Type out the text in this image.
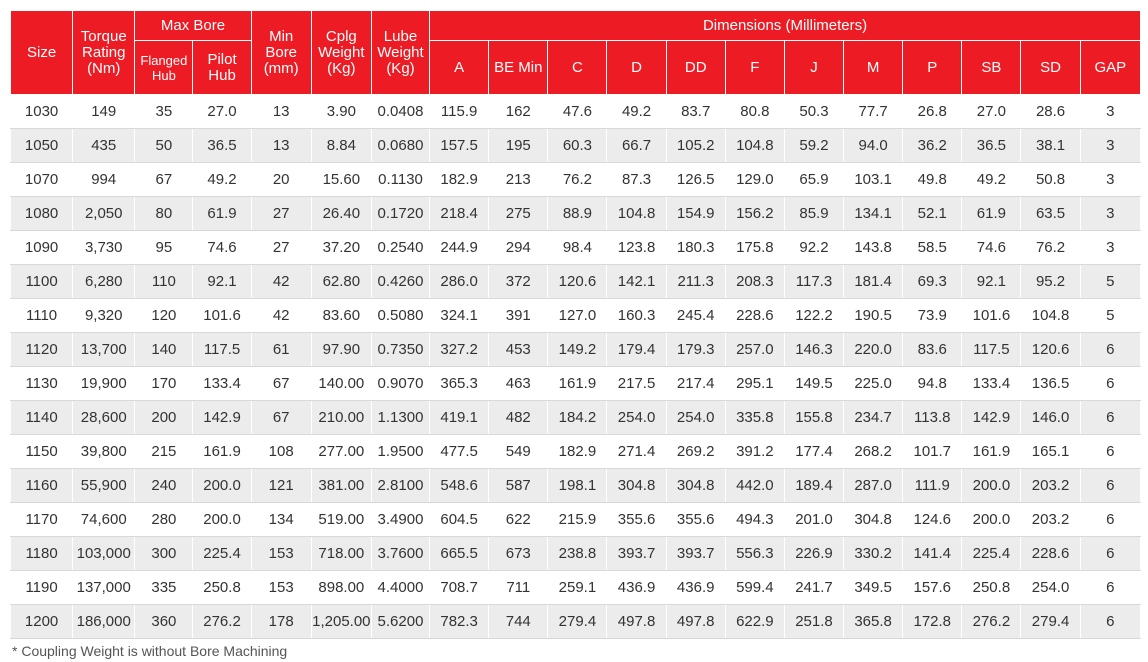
Size	Torque Rating (Nm)	Max Bore		Min Bore (mm)	Cplg Weight (Kg)	Lube Weight (Kg)	Dimensions (Millimeters)											
		Flanged Hub	Pilot Hub				A	BE Min	C	D	DD	F	J	M	P	SB	SD	GAP
1030	149	35	27.0	13	3.90	0.0408	115.9	162	47.6	49.2	83.7	80.8	50.3	77.7	26.8	27.0	28.6	3
1050	435	50	36.5	13	8.84	0.0680	157.5	195	60.3	66.7	105.2	104.8	59.2	94.0	36.2	36.5	38.1	3
1070	994	67	49.2	20	15.60	0.1130	182.9	213	76.2	87.3	126.5	129.0	65.9	103.1	49.8	49.2	50.8	3
1080	2,050	80	61.9	27	26.40	0.1720	218.4	275	88.9	104.8	154.9	156.2	85.9	134.1	52.1	61.9	63.5	3
1090	3,730	95	74.6	27	37.20	0.2540	244.9	294	98.4	123.8	180.3	175.8	92.2	143.8	58.5	74.6	76.2	3
1100	6,280	110	92.1	42	62.80	0.4260	286.0	372	120.6	142.1	211.3	208.3	117.3	181.4	69.3	92.1	95.2	5
1110	9,320	120	101.6	42	83.60	0.5080	324.1	391	127.0	160.3	245.4	228.6	122.2	190.5	73.9	101.6	104.8	5
1120	13,700	140	117.5	61	97.90	0.7350	327.2	453	149.2	179.4	179.3	257.0	146.3	220.0	83.6	117.5	120.6	6
1130	19,900	170	133.4	67	140.00	0.9070	365.3	463	161.9	217.5	217.4	295.1	149.5	225.0	94.8	133.4	136.5	6
1140	28,600	200	142.9	67	210.00	1.1300	419.1	482	184.2	254.0	254.0	335.8	155.8	234.7	113.8	142.9	146.0	6
1150	39,800	215	161.9	108	277.00	1.9500	477.5	549	182.9	271.4	269.2	391.2	177.4	268.2	101.7	161.9	165.1	6
1160	55,900	240	200.0	121	381.00	2.8100	548.6	587	198.1	304.8	304.8	442.0	189.4	287.0	111.9	200.0	203.2	6
1170	74,600	280	200.0	134	519.00	3.4900	604.5	622	215.9	355.6	355.6	494.3	201.0	304.8	124.6	200.0	203.2	6
1180	103,000	300	225.4	153	718.00	3.7600	665.5	673	238.8	393.7	393.7	556.3	226.9	330.2	141.4	225.4	228.6	6
1190	137,000	335	250.8	153	898.00	4.4000	708.7	711	259.1	436.9	436.9	599.4	241.7	349.5	157.6	250.8	254.0	6
1200	186,000	360	276.2	178	1,205.00	5.6200	782.3	744	279.4	497.8	497.8	622.9	251.8	365.8	172.8	276.2	279.4	6
* Coupling Weight is without Bore Machining
